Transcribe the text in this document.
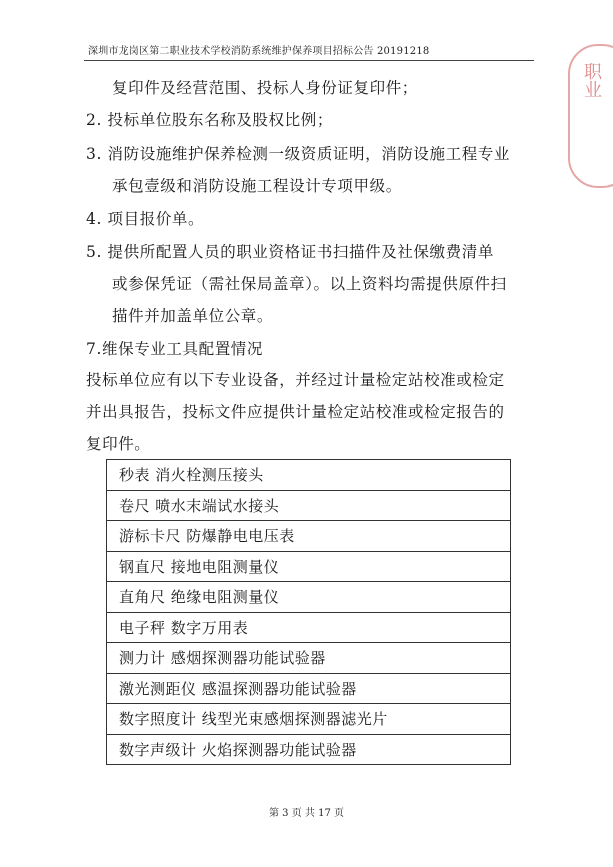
深圳市龙岗区第二职业技术学校消防系统维护保养项目招标公告 20191218
职业
复印件及经营范围、投标人身份证复印件；
2. 投标单位股东名称及股权比例；
3. 消防设施维护保养检测一级资质证明，消防设施工程专业
承包壹级和消防设施工程设计专项甲级。
4. 项目报价单。
5. 提供所配置人员的职业资格证书扫描件及社保缴费清单
或参保凭证（需社保局盖章）。以上资料均需提供原件扫
描件并加盖单位公章。
7.维保专业工具配置情况
投标单位应有以下专业设备，并经过计量检定站校准或检定
并出具报告，投标文件应提供计量检定站校准或检定报告的
复印件。
秒表 消火栓测压接头
卷尺 喷水末端试水接头
游标卡尺 防爆静电电压表
钢直尺 接地电阻测量仪
直角尺 绝缘电阻测量仪
电子秤 数字万用表
测力计 感烟探测器功能试验器
激光测距仪 感温探测器功能试验器
数字照度计 线型光束感烟探测器滤光片
数字声级计 火焰探测器功能试验器
第 3 页 共 17 页
